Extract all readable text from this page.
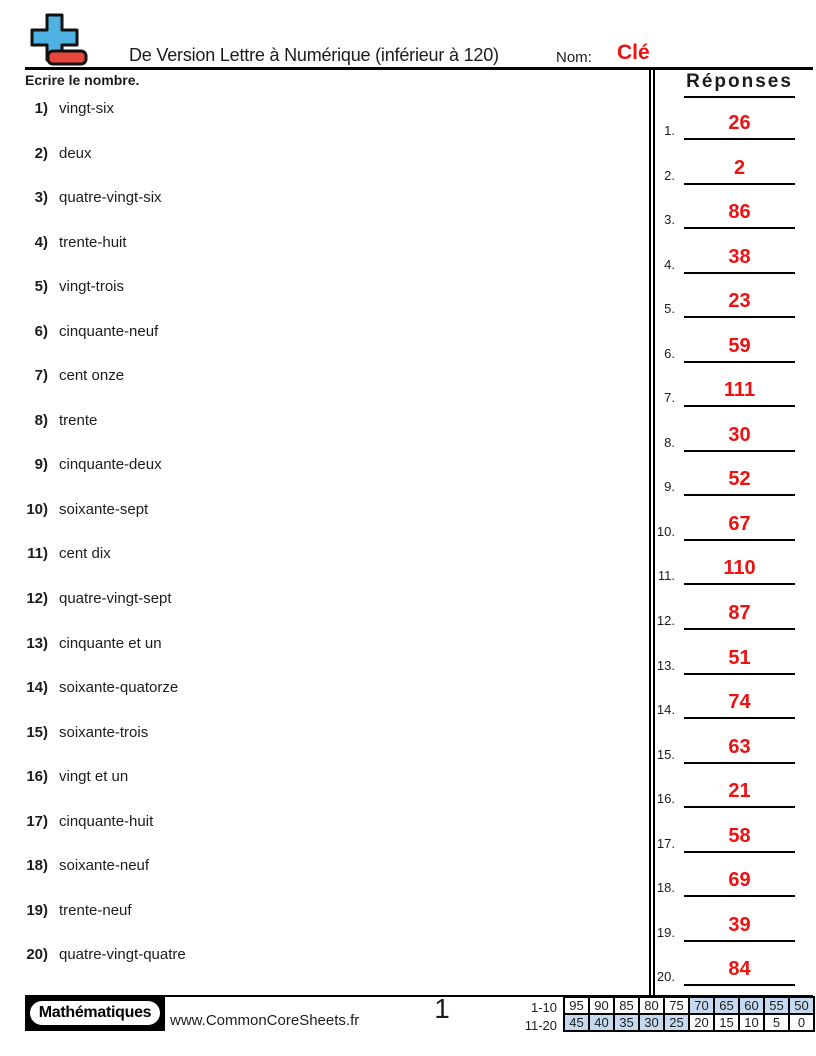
De Version Lettre à Numérique (inférieur à 120)	Nom: Clé
Ecrire le nombre.
1) vingt-six
2) deux
3) quatre-vingt-six
4) trente-huit
5) vingt-trois
6) cinquante-neuf
7) cent onze
8) trente
9) cinquante-deux
10) soixante-sept
11) cent dix
12) quatre-vingt-sept
13) cinquante et un
14) soixante-quatorze
15) soixante-trois
16) vingt et un
17) cinquante-huit
18) soixante-neuf
19) trente-neuf
20) quatre-vingt-quatre
Réponses
1.	26
2.	2
3.	86
4.	38
5.	23
6.	59
7.	111
8.	30
9.	52
10.	67
11.	110
12.	87
13.	51
14.	74
15.	63
16.	21
17.	58
18.	69
19.	39
20.	84
Mathématiques	www.CommonCoreSheets.fr	1	1-10
11-20
95	90	85	80	75	70	65	60	55	50
45	40	35	30	25	20	15	10	5	0
